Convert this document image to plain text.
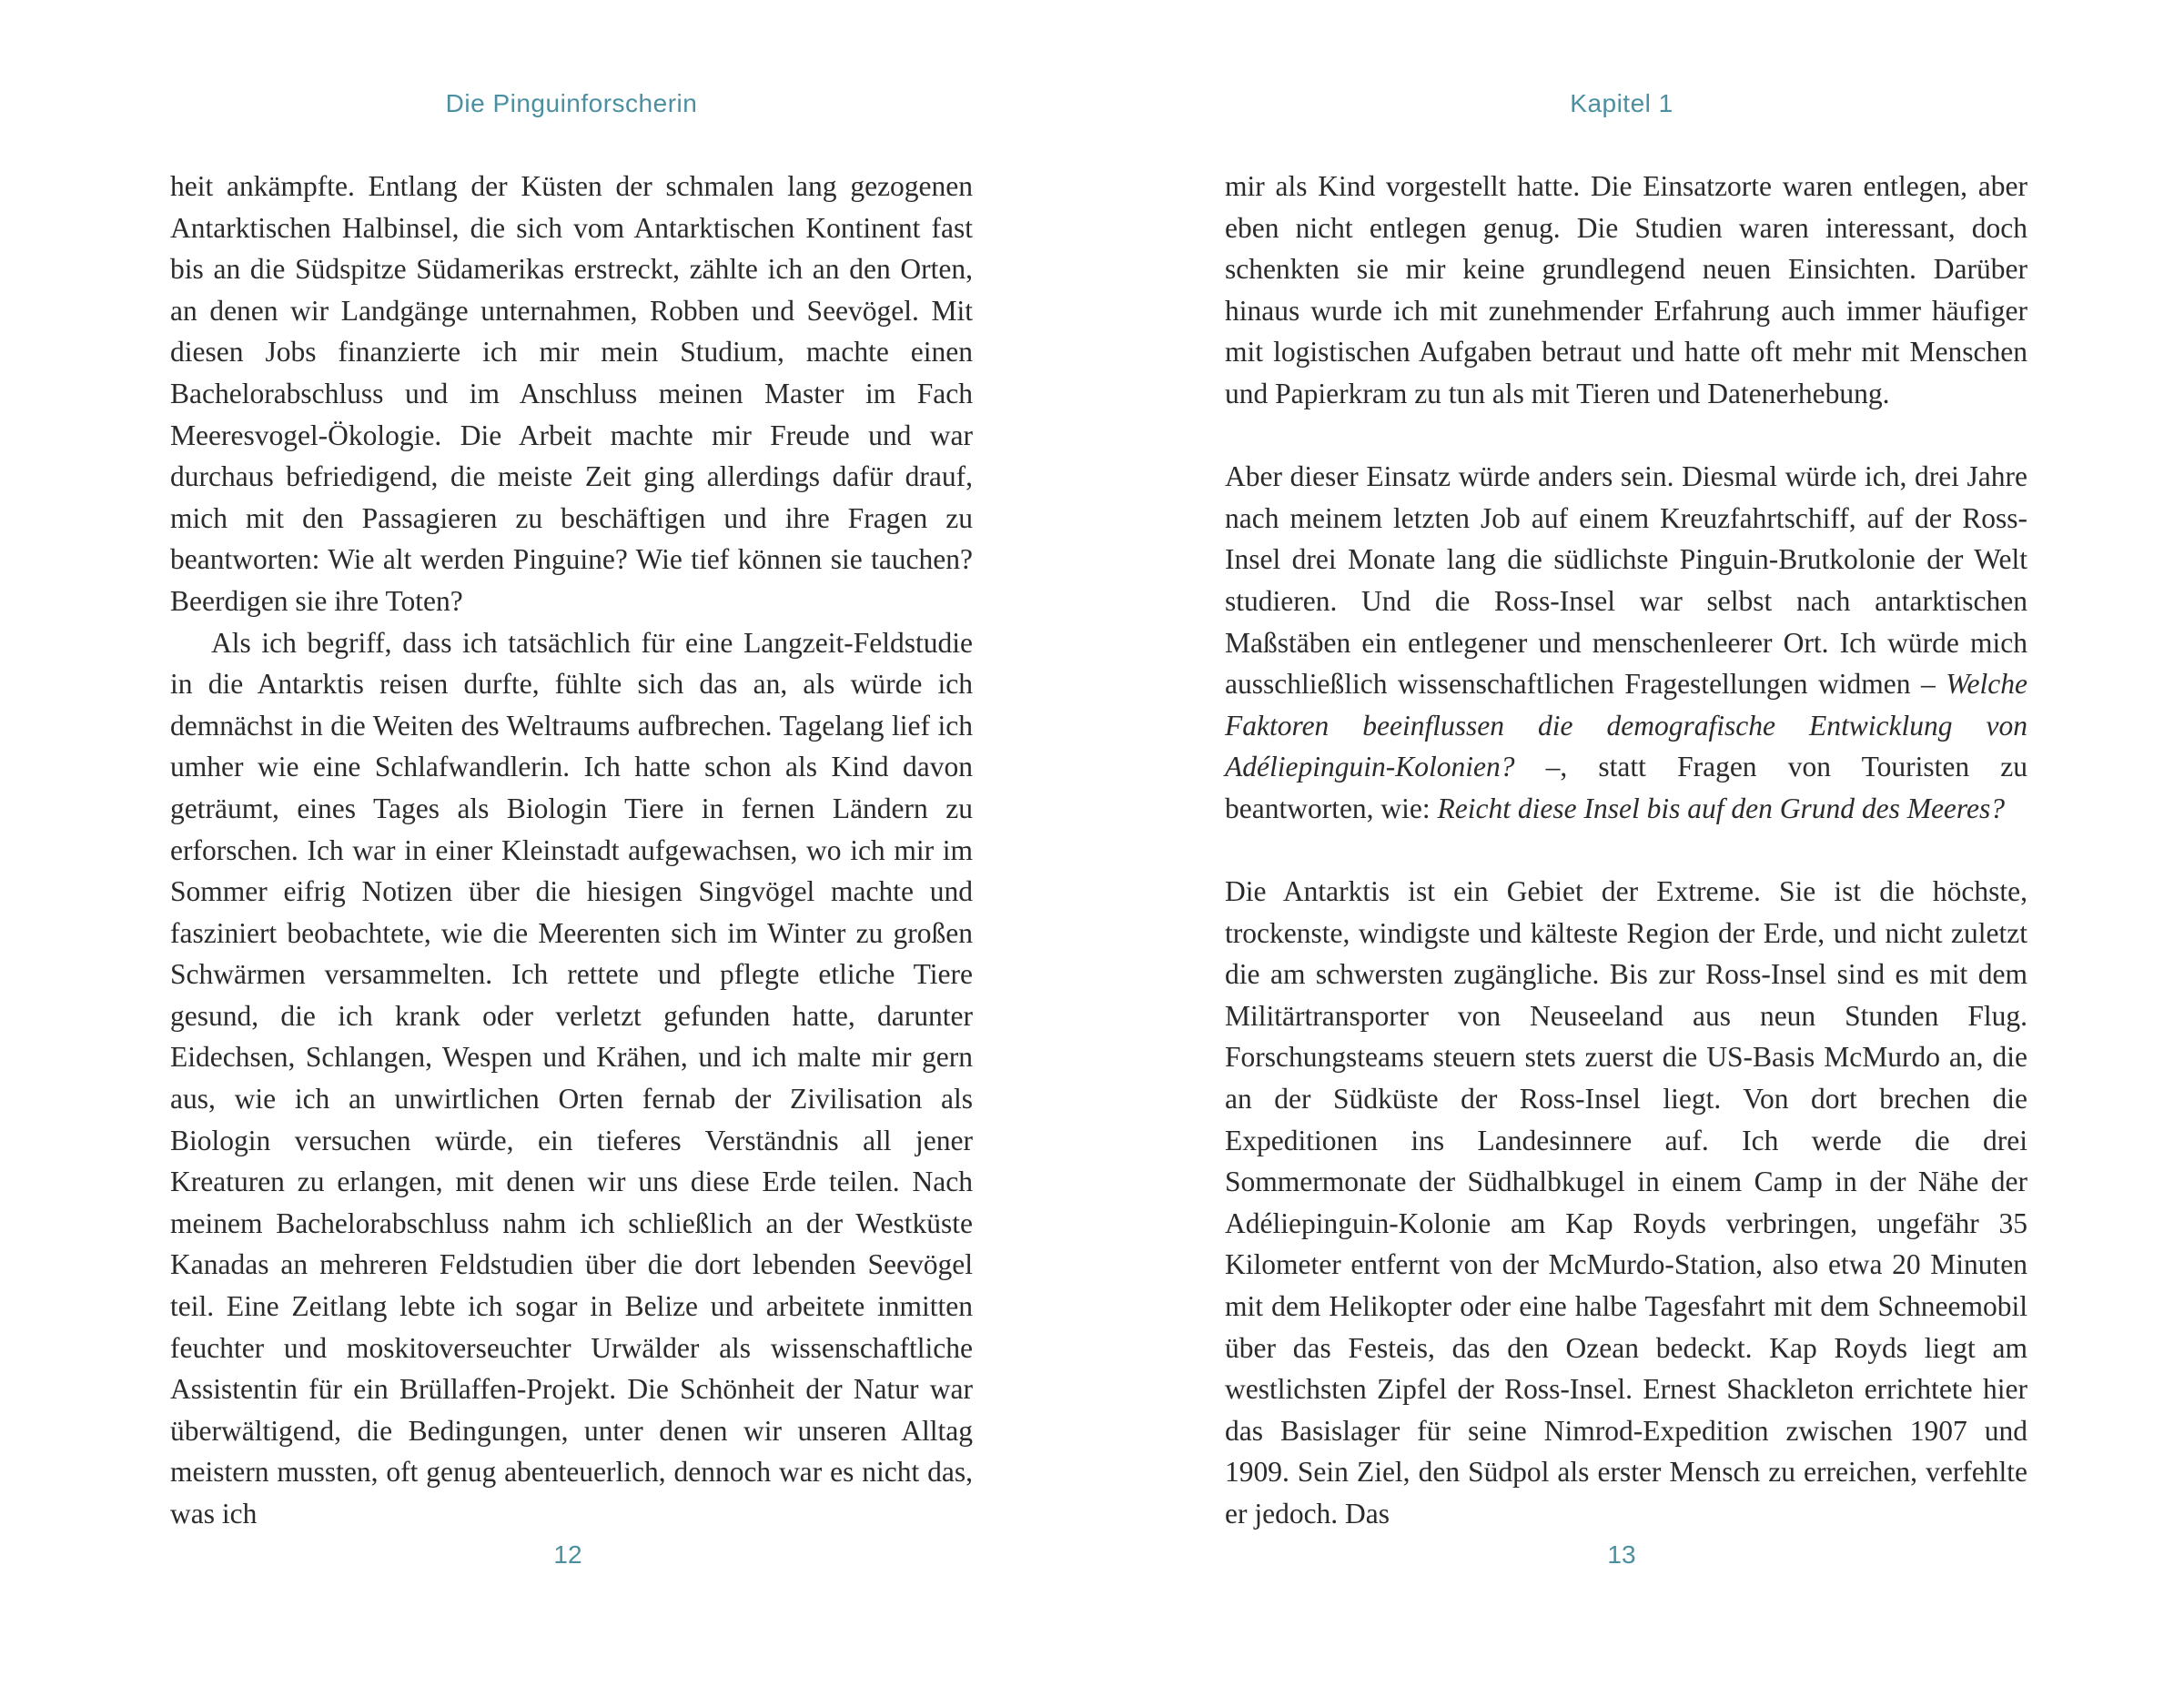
Die Pinguinforscherin

heit ankämpfte. Entlang der Küsten der schmalen lang gezogenen Antarktischen Halbinsel, die sich vom Antarktischen Kontinent fast bis an die Südspitze Südamerikas erstreckt, zählte ich an den Orten, an denen wir Landgänge unternahmen, Robben und Seevögel. Mit diesen Jobs finanzierte ich mir mein Studium, machte einen Bachelorabschluss und im Anschluss meinen Master im Fach Meeresvogel-Ökologie. Die Arbeit machte mir Freude und war durchaus befriedigend, die meiste Zeit ging allerdings dafür drauf, mich mit den Passagieren zu beschäftigen und ihre Fragen zu beantworten: Wie alt werden Pinguine? Wie tief können sie tauchen? Beerdigen sie ihre Toten?

Als ich begriff, dass ich tatsächlich für eine Langzeit-Feldstudie in die Antarktis reisen durfte, fühlte sich das an, als würde ich demnächst in die Weiten des Weltraums aufbrechen. Tagelang lief ich umher wie eine Schlafwandlerin. Ich hatte schon als Kind davon geträumt, eines Tages als Biologin Tiere in fernen Ländern zu erforschen. Ich war in einer Kleinstadt aufgewachsen, wo ich mir im Sommer eifrig Notizen über die hiesigen Singvögel machte und fasziniert beobachtete, wie die Meerenten sich im Winter zu großen Schwärmen versammelten. Ich rettete und pflegte etliche Tiere gesund, die ich krank oder verletzt gefunden hatte, darunter Eidechsen, Schlangen, Wespen und Krähen, und ich malte mir gern aus, wie ich an unwirtlichen Orten fernab der Zivilisation als Biologin versuchen würde, ein tieferes Verständnis all jener Kreaturen zu erlangen, mit denen wir uns diese Erde teilen. Nach meinem Bachelorabschluss nahm ich schließlich an der Westküste Kanadas an mehreren Feldstudien über die dort lebenden Seevögel teil. Eine Zeitlang lebte ich sogar in Belize und arbeitete inmitten feuchter und moskitoverseuchter Urwälder als wissenschaftliche Assistentin für ein Brüllaffen-Projekt. Die Schönheit der Natur war überwältigend, die Bedingungen, unter denen wir unseren Alltag meistern mussten, oft genug abenteuerlich, dennoch war es nicht das, was ich

12
Kapitel 1

mir als Kind vorgestellt hatte. Die Einsatzorte waren entlegen, aber eben nicht entlegen genug. Die Studien waren interessant, doch schenkten sie mir keine grundlegend neuen Einsichten. Darüber hinaus wurde ich mit zunehmender Erfahrung auch immer häufiger mit logistischen Aufgaben betraut und hatte oft mehr mit Menschen und Papierkram zu tun als mit Tieren und Datenerhebung.

Aber dieser Einsatz würde anders sein. Diesmal würde ich, drei Jahre nach meinem letzten Job auf einem Kreuzfahrtschiff, auf der Ross-Insel drei Monate lang die südlichste Pinguin-Brutkolonie der Welt studieren. Und die Ross-Insel war selbst nach antarktischen Maßstäben ein entlegener und menschenleerer Ort. Ich würde mich ausschließlich wissenschaftlichen Fragestellungen widmen – Welche Faktoren beeinflussen die demografische Entwicklung von Adéliepinguin-Kolonien? –, statt Fragen von Touristen zu beantworten, wie: Reicht diese Insel bis auf den Grund des Meeres?

Die Antarktis ist ein Gebiet der Extreme. Sie ist die höchste, trockenste, windigste und kälteste Region der Erde, und nicht zuletzt die am schwersten zugängliche. Bis zur Ross-Insel sind es mit dem Militärtransporter von Neuseeland aus neun Stunden Flug. Forschungsteams steuern stets zuerst die US-Basis McMurdo an, die an der Südküste der Ross-Insel liegt. Von dort brechen die Expeditionen ins Landesinnere auf. Ich werde die drei Sommermonate der Südhalbkugel in einem Camp in der Nähe der Adéliepinguin-Kolonie am Kap Royds verbringen, ungefähr 35 Kilometer entfernt von der McMurdo-Station, also etwa 20 Minuten mit dem Helikopter oder eine halbe Tagesfahrt mit dem Schneemobil über das Festeis, das den Ozean bedeckt. Kap Royds liegt am westlichsten Zipfel der Ross-Insel. Ernest Shackleton errichtete hier das Basislager für seine Nimrod-Expedition zwischen 1907 und 1909. Sein Ziel, den Südpol als erster Mensch zu erreichen, verfehlte er jedoch. Das

13
